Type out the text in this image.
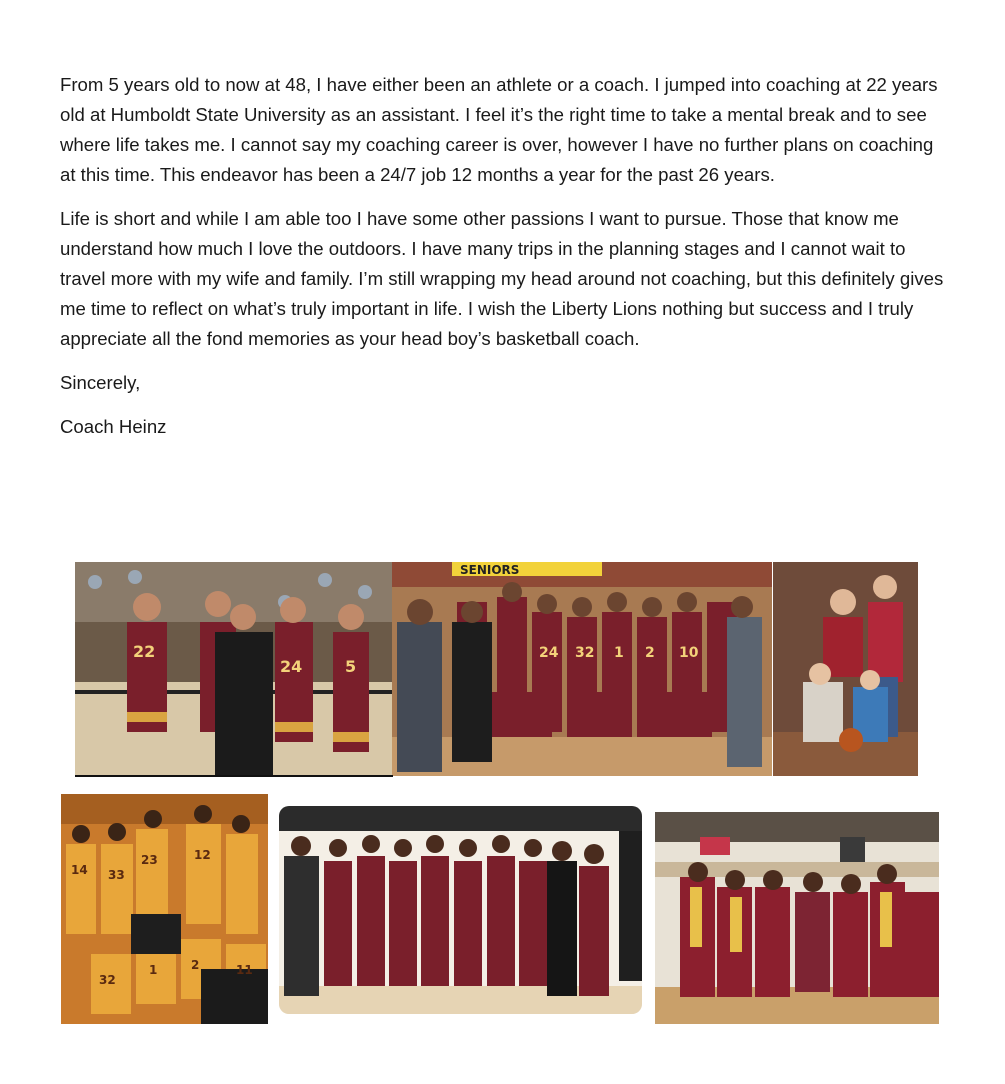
From 5 years old to now at 48, I have either been an athlete or a coach. I jumped into coaching at 22 years old at Humboldt State University as an assistant. I feel it’s the right time to take a mental break and to see where life takes me. I cannot say my coaching career is over, however I have no further plans on coaching at this time. This endeavor has been a 24/7 job 12 months a year for the past 26 years.

Life is short and while I am able too I have some other passions I want to pursue. Those that know me understand how much I love the outdoors. I have many trips in the planning stages and I cannot wait to travel more with my wife and family. I’m still wrapping my head around not coaching, but this definitely gives me time to reflect on what’s truly important in life. I wish the Liberty Lions nothing but success and I truly appreciate all the fond memories as your head boy’s basketball coach.

Sincerely,

Coach Heinz

22
24	5
SENIORS
24 32 1 2 10
14 33
23	12
32
1	2	11
